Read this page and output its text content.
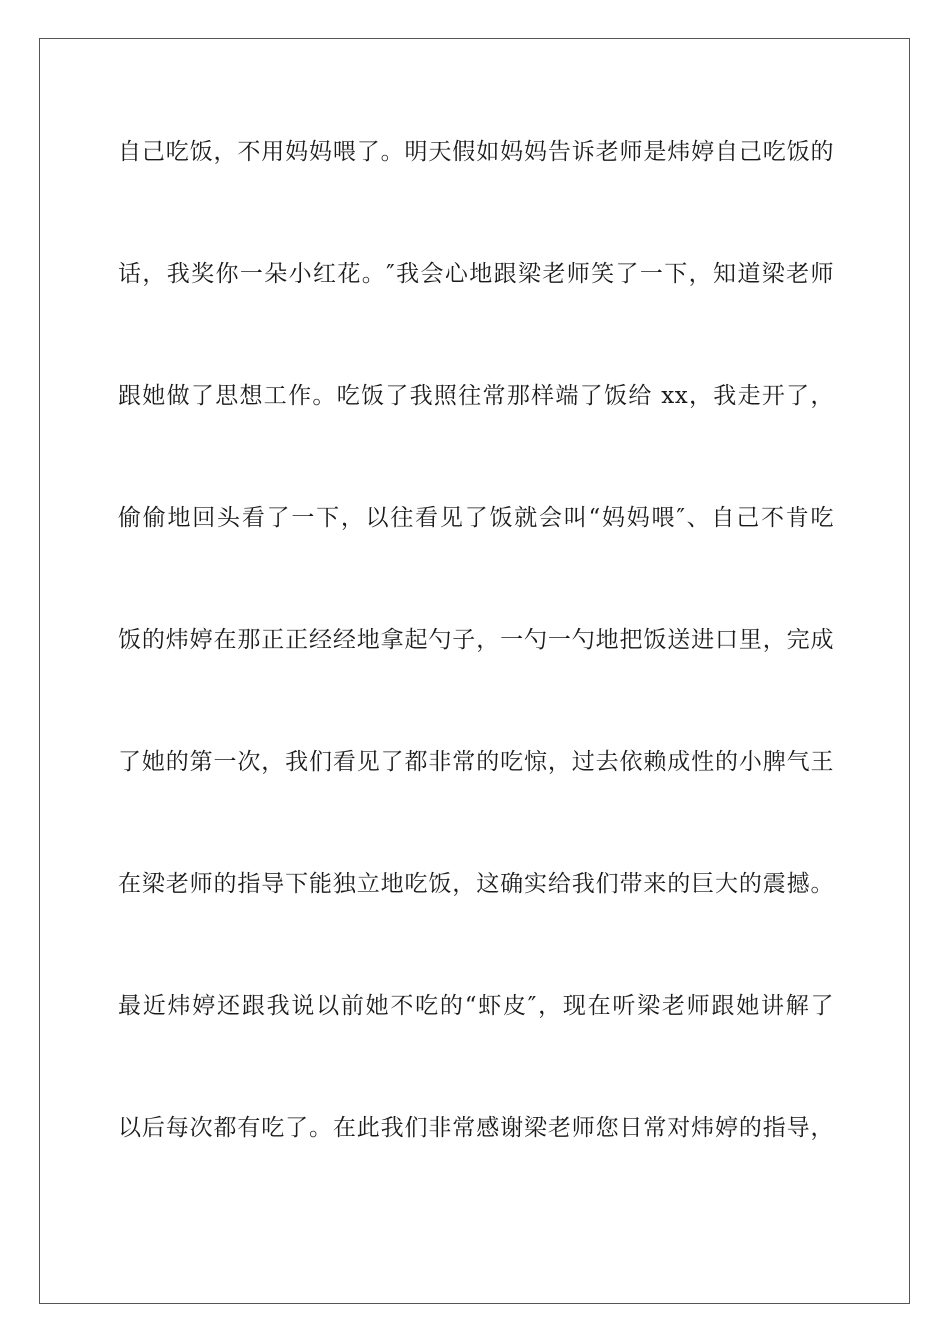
自己吃饭，不用妈妈喂了。明天假如妈妈告诉老师是炜婷自己吃饭的
话，我奖你一朵小红花。″我会心地跟梁老师笑了一下，知道梁老师
跟她做了思想工作。吃饭了我照往常那样端了饭给 xx，我走开了，
偷偷地回头看了一下，以往看见了饭就会叫“妈妈喂″、自己不肯吃
饭的炜婷在那正正经经地拿起勺子，一勺一勺地把饭送进口里，完成
了她的第一次，我们看见了都非常的吃惊，过去依赖成性的小脾气王
在梁老师的指导下能独立地吃饭，这确实给我们带来的巨大的震撼。
最近炜婷还跟我说以前她不吃的“虾皮″，现在听梁老师跟她讲解了
以后每次都有吃了。在此我们非常感谢梁老师您日常对炜婷的指导，
